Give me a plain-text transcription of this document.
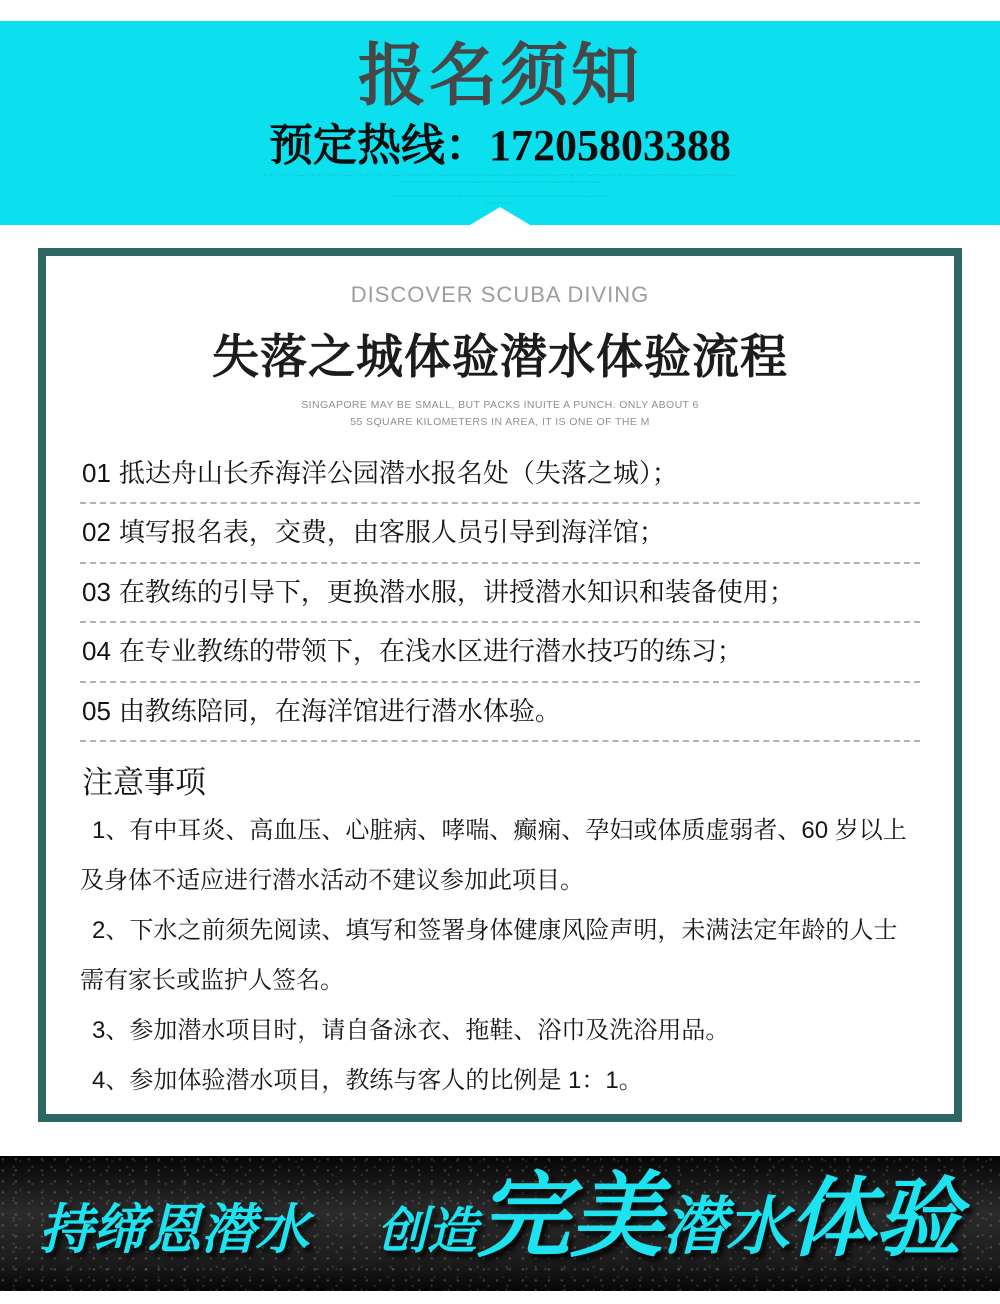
报名须知
预定热线：17205803388
··.·-··.··-·.··.·--·.··.·-··.··-·.··.·--·.··.·-··.··-·.··.·--·.··.·-··.··-·.··.·--·.··.·-··.··-·.··.·--·.··.·-··.··-·.··.·--·.··.·-··.··-·.··.·--·.··.·-··.··-·.··.·--·.··.·-··.··-·.··.·--·.··.·-··.··-·.··.·--·
·.··-··.·-·.··--·.·.··-··.·-·.··--·.·.··-··.·-·.··--·.·.··-··.·-·.··--·.·.··-··.·-·.··--·
··-·.··.·-··.··-·.··.·--·.··.·-··.··-·.··.·--·.··.·-··.··-·.··.·--·.··.·-··.··-·.··.·--·.··.·-··
·-··.··-·.·-·
DISCOVER SCUBA DIVING
失落之城体验潜水体验流程
SINGAPORE MAY BE SMALL, BUT PACKS INUITE A PUNCH. ONLY ABOUT 6
55 SQUARE KILOMETERS IN AREA, IT IS ONE OF THE M
01 抵达舟山长乔海洋公园潜水报名处（失落之城）；
02 填写报名表，交费，由客服人员引导到海洋馆；
03 在教练的引导下，更换潜水服，讲授潜水知识和装备使用；
04 在专业教练的带领下，在浅水区进行潜水技巧的练习；
05 由教练陪同，在海洋馆进行潜水体验。
注意事项
1、有中耳炎、高血压、心脏病、哮喘、癫痫、孕妇或体质虚弱者、60 岁以上及身体不适应进行潜水活动不建议参加此项目。
2、下水之前须先阅读、填写和签署身体健康风险声明，未满法定年龄的人士需有家长或监护人签名。
3、参加潜水项目时，请自备泳衣、拖鞋、浴巾及洗浴用品。
4、参加体验潜水项目，教练与客人的比例是 1：1。
持缔恩潜水 创造 完美 潜水 体验
